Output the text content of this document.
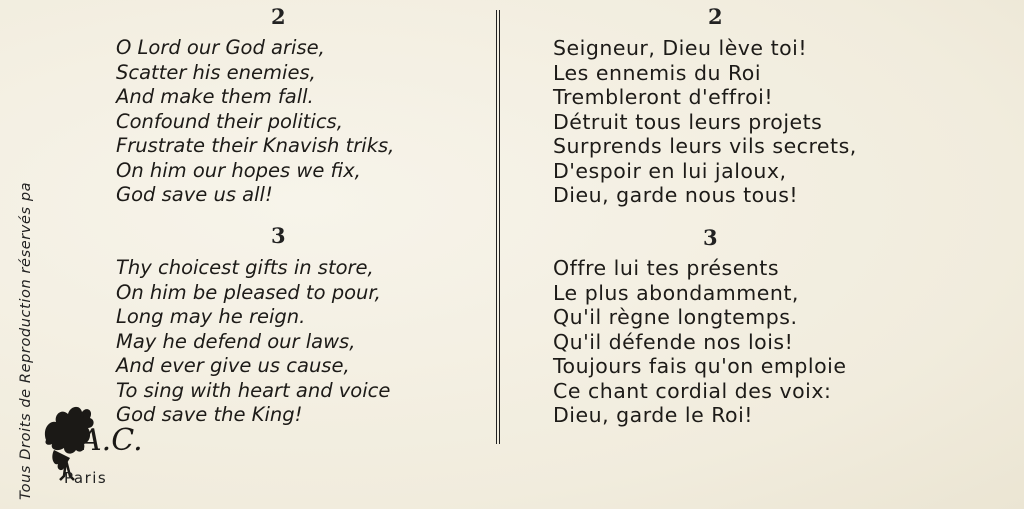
Tous Droits de Reproduction réservés pa
2
O Lord our God arise,
Scatter his enemies,
And make them fall.
Confound their politics,
Frustrate their Knavish triks,
On him our hopes we fix,
God save us all!
3
Thy choicest gifts in store,
On him be pleased to pour,
Long may he reign.
May he defend our laws,
And ever give us cause,
To sing with heart and voice
God save the King!
2
Seigneur, Dieu lève toi!
Les ennemis du Roi
Trembleront d'effroi!
Détruit tous leurs projets
Surprends leurs vils secrets,
D'espoir en lui jaloux,
Dieu, garde nous tous!
3
Offre lui tes présents
Le plus abondamment,
Qu'il règne longtemps.
Qu'il défende nos lois!
Toujours fais qu'on emploie
Ce chant cordial des voix:
Dieu, garde le Roi!
A.C.
Paris
